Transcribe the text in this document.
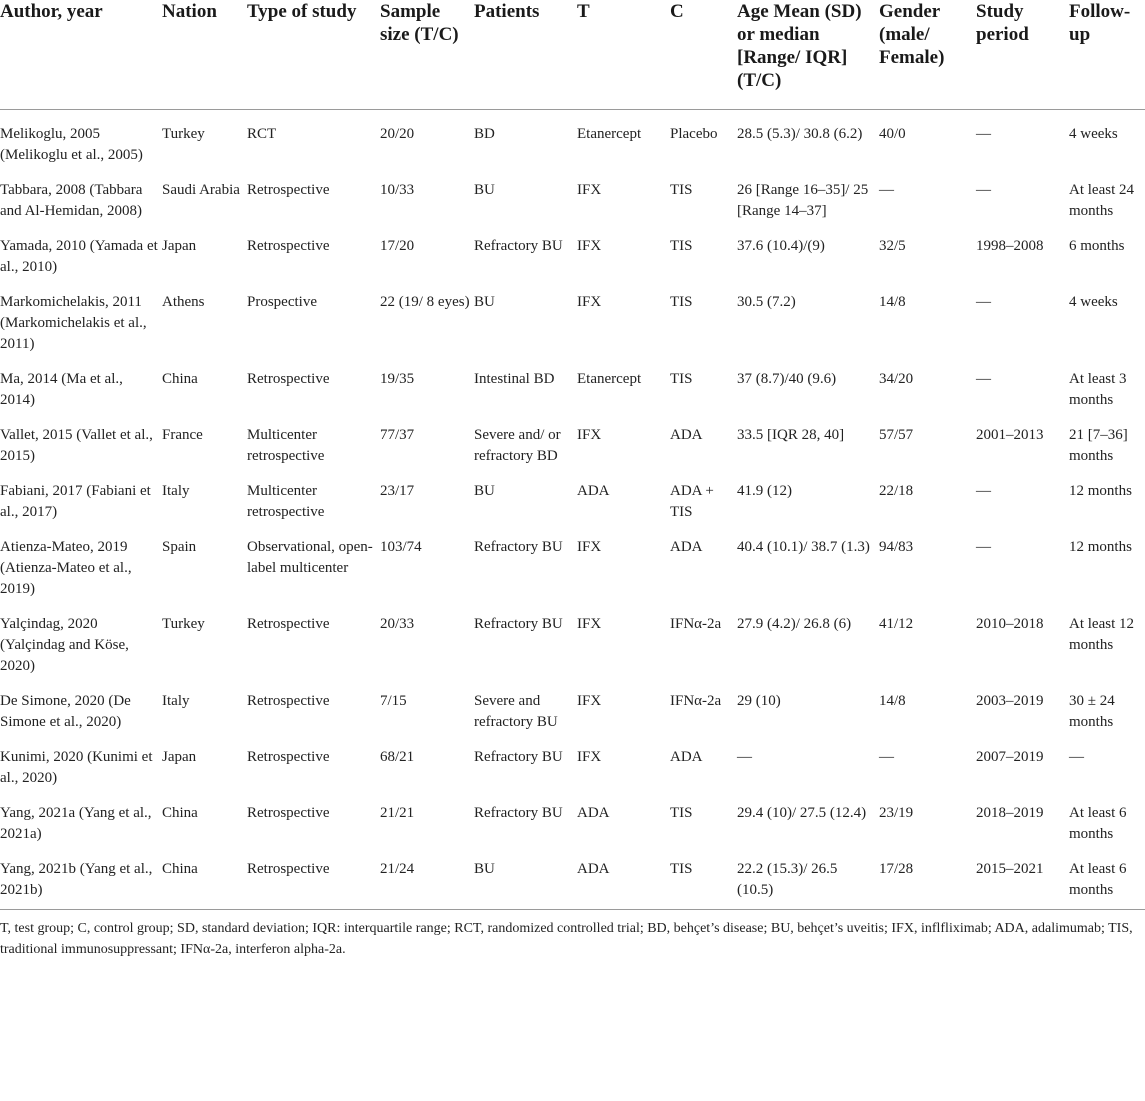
Author, year	Nation	Type of study	Sample size (T/C)	Patients	T	C	Age Mean (SD) or median [Range/ IQR] (T/C)	Gender (male/ Female)	Study period	Follow-up
Melikoglu, 2005 (Melikoglu et al., 2005)	Turkey	RCT	20/20	BD	Etanercept	Placebo	28.5 (5.3)/ 30.8 (6.2)	40/0	—	4 weeks
Tabbara, 2008 (Tabbara and Al-Hemidan, 2008)	Saudi Arabia	Retrospective	10/33	BU	IFX	TIS	26 [Range 16–35]/ 25 [Range 14–37]	—	—	At least 24 months
Yamada, 2010 (Yamada et al., 2010)	Japan	Retrospective	17/20	Refractory BU	IFX	TIS	37.6 (10.4)/(9)	32/5	1998–2008	6 months
Markomichelakis, 2011 (Markomichelakis et al., 2011)	Athens	Prospective	22 (19/ 8 eyes)	BU	IFX	TIS	30.5 (7.2)	14/8	—	4 weeks
Ma, 2014 (Ma et al., 2014)	China	Retrospective	19/35	Intestinal BD	Etanercept	TIS	37 (8.7)/40 (9.6)	34/20	—	At least 3 months
Vallet, 2015 (Vallet et al., 2015)	France	Multicenter retrospective	77/37	Severe and/ or refractory BD	IFX	ADA	33.5 [IQR 28, 40]	57/57	2001–2013	21 [7–36] months
Fabiani, 2017 (Fabiani et al., 2017)	Italy	Multicenter retrospective	23/17	BU	ADA	ADA + TIS	41.9 (12)	22/18	—	12 months
Atienza-Mateo, 2019 (Atienza-Mateo et al., 2019)	Spain	Observational, open-label multicenter	103/74	Refractory BU	IFX	ADA	40.4 (10.1)/ 38.7 (1.3)	94/83	—	12 months
Yalçindag, 2020 (Yalçindag and Köse, 2020)	Turkey	Retrospective	20/33	Refractory BU	IFX	IFNα-2a	27.9 (4.2)/ 26.8 (6)	41/12	2010–2018	At least 12 months
De Simone, 2020 (De Simone et al., 2020)	Italy	Retrospective	7/15	Severe and refractory BU	IFX	IFNα-2a	29 (10)	14/8	2003–2019	30 ± 24 months
Kunimi, 2020 (Kunimi et al., 2020)	Japan	Retrospective	68/21	Refractory BU	IFX	ADA	—	—	2007–2019	—
Yang, 2021a (Yang et al., 2021a)	China	Retrospective	21/21	Refractory BU	ADA	TIS	29.4 (10)/ 27.5 (12.4)	23/19	2018–2019	At least 6 months
Yang, 2021b (Yang et al., 2021b)	China	Retrospective	21/24	BU	ADA	TIS	22.2 (15.3)/ 26.5 (10.5)	17/28	2015–2021	At least 6 months
T, test group; C, control group; SD, standard deviation; IQR: interquartile range; RCT, randomized controlled trial; BD, behçet’s disease; BU, behçet’s uveitis; IFX, inflfliximab; ADA, adalimumab; TIS, traditional immunosuppressant; IFNα-2a, interferon alpha-2a.
